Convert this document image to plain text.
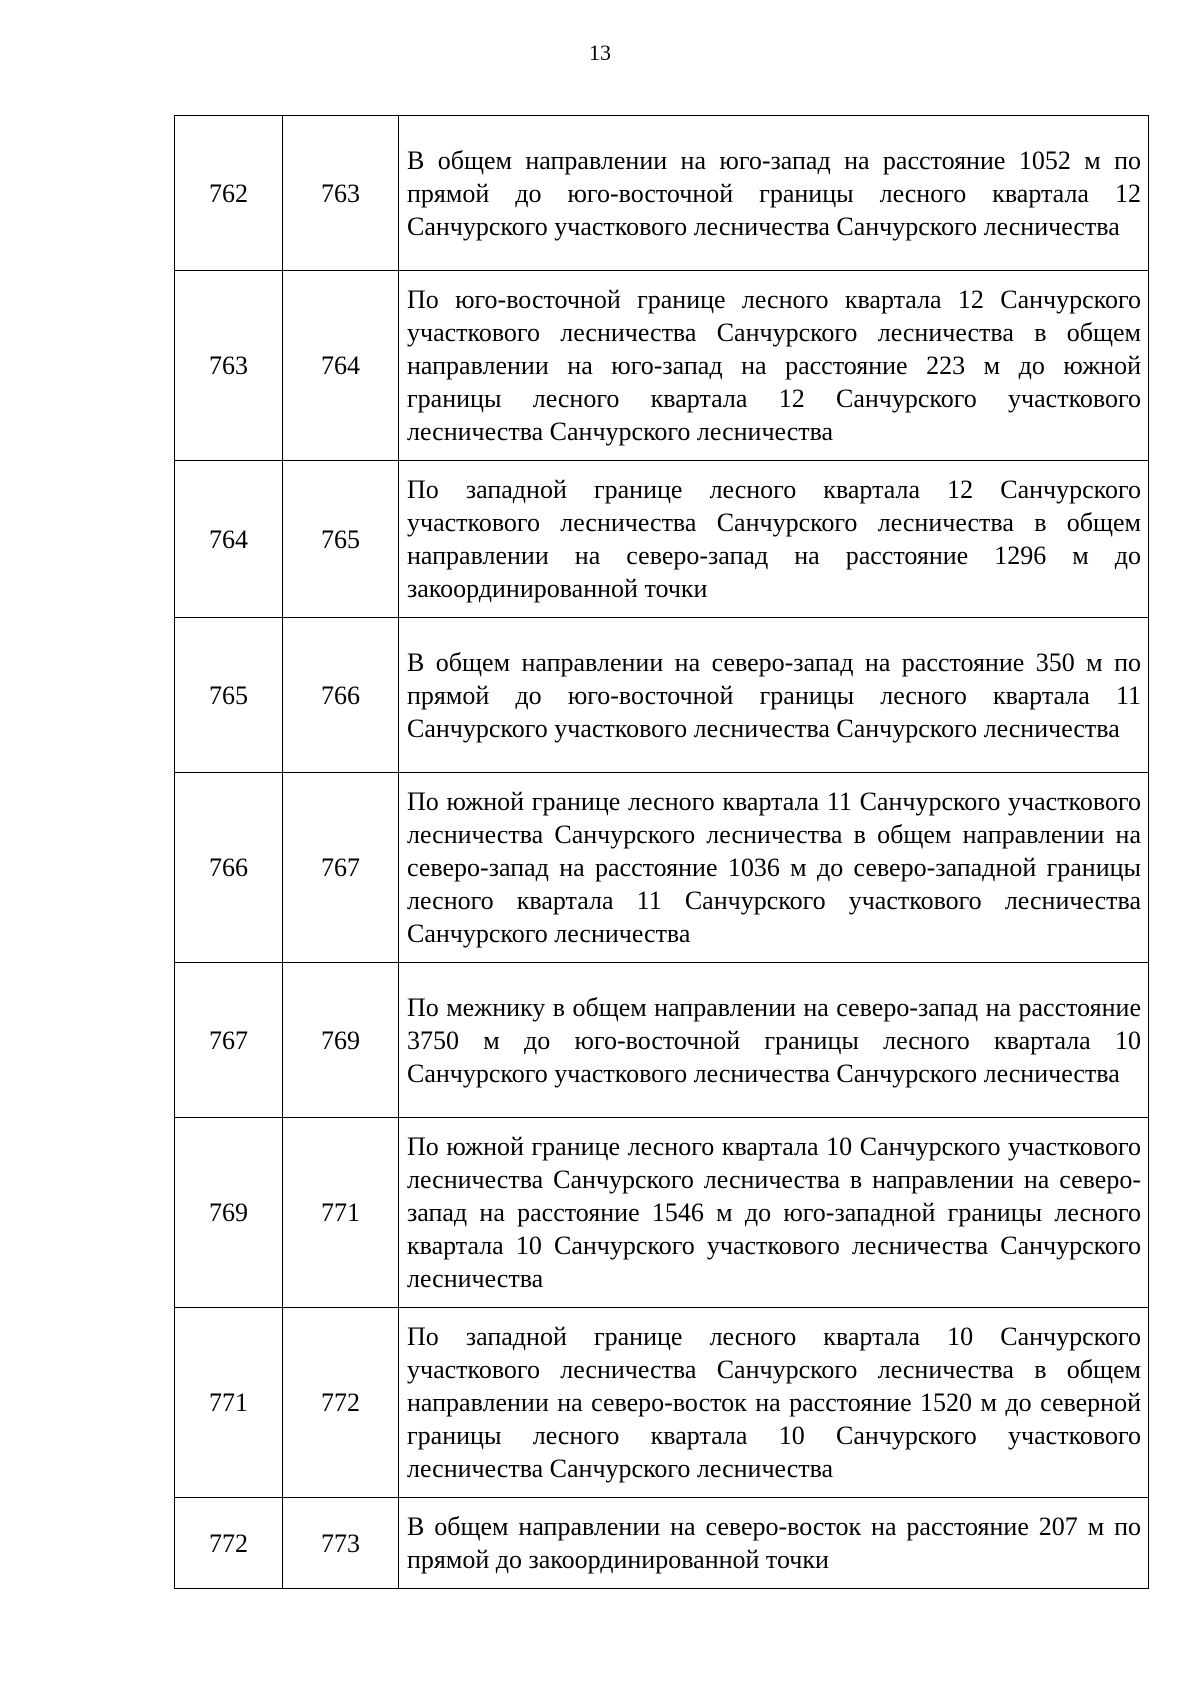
13
762	763	В общем направлении на юго-запад на расстояние 1052 м по прямой до юго-восточной границы лесного квартала 12 Санчурского участкового лесничества Санчурского лесничества
763	764	По юго-восточной границе лесного квартала 12 Санчурского участкового лесничества Санчурского лесничества в общем направлении на юго-запад на расстояние 223 м до южной границы лесного квартала 12 Санчурского участкового лесничества Санчурского лесничества
764	765	По западной границе лесного квартала 12 Санчурского участкового лесничества Санчурского лесничества в общем направлении на северо-запад на расстояние 1296 м до закоординированной точки
765	766	В общем направлении на северо-запад на расстояние 350 м по прямой до юго-восточной границы лесного квартала 11 Санчурского участкового лесничества Санчурского лесничества
766	767	По южной границе лесного квартала 11 Санчурского участкового лесничества Санчурского лесничества в общем направлении на северо-запад на расстояние 1036 м до северо-западной границы лесного квартала 11 Санчурского участкового лесничества Санчурского лесничества
767	769	По межнику в общем направлении на северо-запад на расстояние 3750 м до юго-восточной границы лесного квартала 10 Санчурского участкового лесничества Санчурского лесничества
769	771	По южной границе лесного квартала 10 Санчурского участкового лесничества Санчурского лесничества в направлении на северо-запад на расстояние 1546 м до юго-западной границы лесного квартала 10 Санчурского участкового лесничества Санчурского лесничества
771	772	По западной границе лесного квартала 10 Санчурского участкового лесничества Санчурского лесничества в общем направлении на северо-восток на расстояние 1520 м до северной границы лесного квартала 10 Санчурского участкового лесничества Санчурского лесничества
772	773	В общем направлении на северо-восток на расстояние 207 м по прямой до закоординированной точки
